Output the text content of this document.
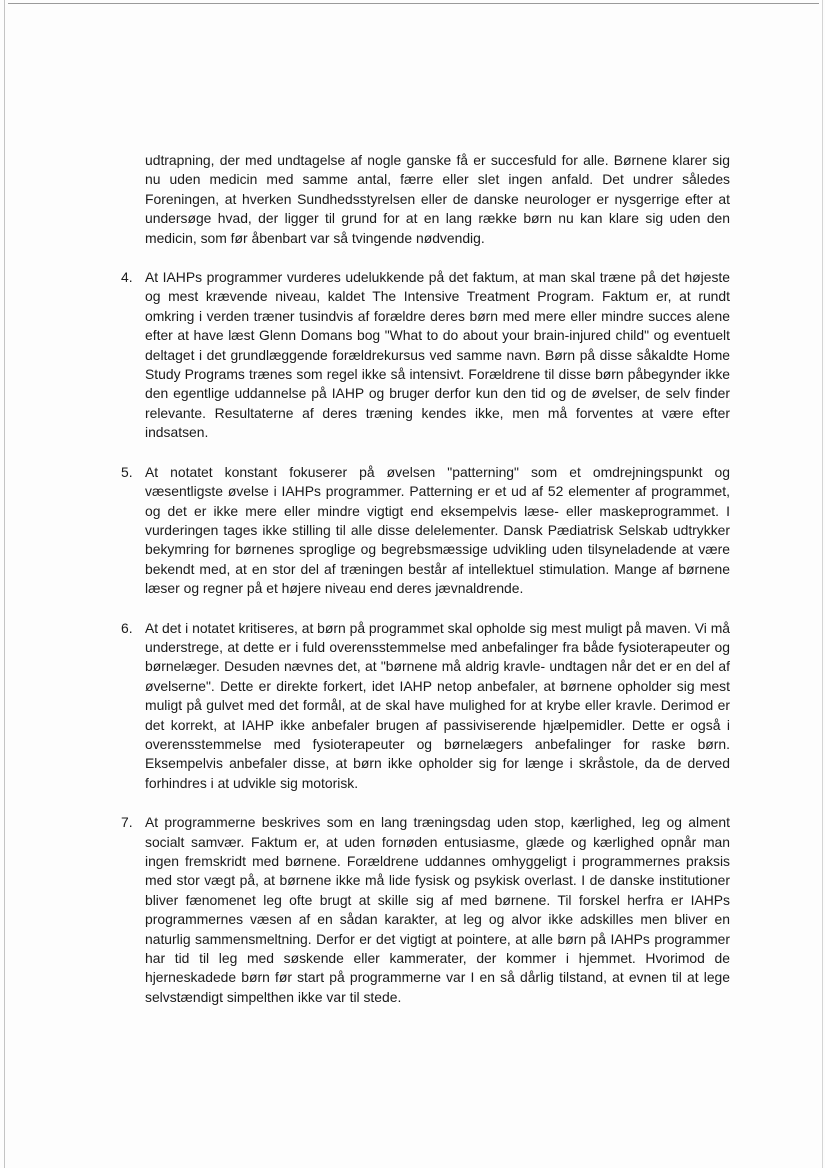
udtrapning, der med undtagelse af nogle ganske få er succesfuld for alle. Børnene klarer sig nu uden medicin med samme antal, færre eller slet ingen anfald. Det undrer således Foreningen, at hverken Sundhedsstyrelsen eller de danske neurologer er nysgerrige efter at undersøge hvad, der ligger til grund for at en lang række børn nu kan klare sig uden den medicin, som før åbenbart var så tvingende nødvendig.

4. At IAHPs programmer vurderes udelukkende på det faktum, at man skal træne på det højeste og mest krævende niveau, kaldet The Intensive Treatment Program. Faktum er, at rundt omkring i verden træner tusindvis af forældre deres børn med mere eller mindre succes alene efter at have læst Glenn Domans bog "What to do about your brain-injured child" og eventuelt deltaget i det grundlæggende forældrekursus ved samme navn. Børn på disse såkaldte Home Study Programs trænes som regel ikke så intensivt. Forældrene til disse børn påbegynder ikke den egentlige uddannelse på IAHP og bruger derfor kun den tid og de øvelser, de selv finder relevante. Resultaterne af deres træning kendes ikke, men må forventes at være efter indsatsen.

5. At notatet konstant fokuserer på øvelsen "patterning" som et omdrejningspunkt og væsentligste øvelse i IAHPs programmer. Patterning er et ud af 52 elementer af programmet, og det er ikke mere eller mindre vigtigt end eksempelvis læse- eller maskeprogrammet. I vurderingen tages ikke stilling til alle disse delelementer. Dansk Pædiatrisk Selskab udtrykker bekymring for børnenes sproglige og begrebsmæssige udvikling uden tilsyneladende at være bekendt med, at en stor del af træningen består af intellektuel stimulation. Mange af børnene læser og regner på et højere niveau end deres jævnaldrende.

6. At det i notatet kritiseres, at børn på programmet skal opholde sig mest muligt på maven. Vi må understrege, at dette er i fuld overensstemmelse med anbefalinger fra både fysioterapeuter og børnelæger. Desuden nævnes det, at "børnene må aldrig kravle- undtagen når det er en del af øvelserne". Dette er direkte forkert, idet IAHP netop anbefaler, at børnene opholder sig mest muligt på gulvet med det formål, at de skal have mulighed for at krybe eller kravle. Derimod er det korrekt, at IAHP ikke anbefaler brugen af passiviserende hjælpemidler. Dette er også i overensstemmelse med fysioterapeuter og børnelægers anbefalinger for raske børn. Eksempelvis anbefaler disse, at børn ikke opholder sig for længe i skråstole, da de derved forhindres i at udvikle sig motorisk.

7. At programmerne beskrives som en lang træningsdag uden stop, kærlighed, leg og alment socialt samvær. Faktum er, at uden fornøden entusiasme, glæde og kærlighed opnår man ingen fremskridt med børnene. Forældrene uddannes omhyggeligt i programmernes praksis med stor vægt på, at børnene ikke må lide fysisk og psykisk overlast. I de danske institutioner bliver fænomenet leg ofte brugt at skille sig af med børnene. Til forskel herfra er IAHPs programmernes væsen af en sådan karakter, at leg og alvor ikke adskilles men bliver en naturlig sammensmeltning. Derfor er det vigtigt at pointere, at alle børn på IAHPs programmer har tid til leg med søskende eller kammerater, der kommer i hjemmet. Hvorimod de hjerneskadede børn før start på programmerne var I en så dårlig tilstand, at evnen til at lege selvstændigt simpelthen ikke var til stede.
